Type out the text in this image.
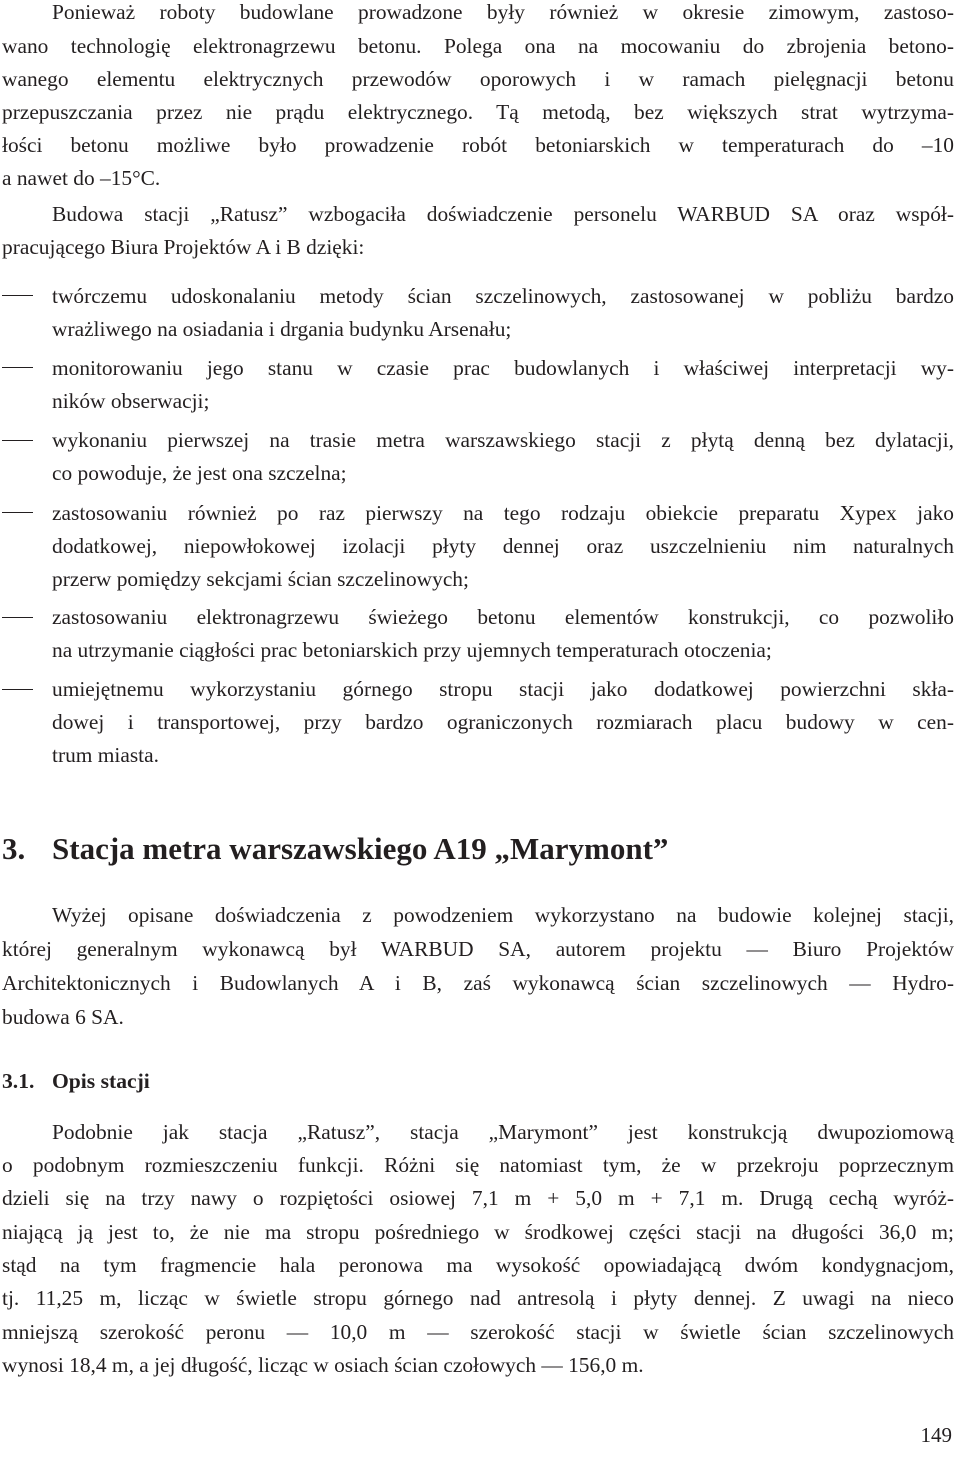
Ponieważ roboty budowlane prowadzone były również w okresie zimowym, zastoso-
wano technologię elektronagrzewu betonu. Polega ona na mocowaniu do zbrojenia betono-
wanego elementu elektrycznych przewodów oporowych i w ramach pielęgnacji betonu
przepuszczania przez nie prądu elektrycznego. Tą metodą, bez większych strat wytrzyma-
łości betonu możliwe było prowadzenie robót betoniarskich w temperaturach do –10
a nawet do –15°C.
Budowa stacji „Ratusz” wzbogaciła doświadczenie personelu WARBUD SA oraz współ-
pracującego Biura Projektów A i B dzięki:
twórczemu udoskonalaniu metody ścian szczelinowych, zastosowanej w pobliżu bardzo
wrażliwego na osiadania i drgania budynku Arsenału;
monitorowaniu jego stanu w czasie prac budowlanych i właściwej interpretacji wy-
ników obserwacji;
wykonaniu pierwszej na trasie metra warszawskiego stacji z płytą denną bez dylatacji,
co powoduje, że jest ona szczelna;
zastosowaniu również po raz pierwszy na tego rodzaju obiekcie preparatu Xypex jako
dodatkowej, niepowłokowej izolacji płyty dennej oraz uszczelnieniu nim naturalnych
przerw pomiędzy sekcjami ścian szczelinowych;
zastosowaniu elektronagrzewu świeżego betonu elementów konstrukcji, co pozwoliło
na utrzymanie ciągłości prac betoniarskich przy ujemnych temperaturach otoczenia;
umiejętnemu wykorzystaniu górnego stropu stacji jako dodatkowej powierzchni skła-
dowej i transportowej, przy bardzo ograniczonych rozmiarach placu budowy w cen-
trum miasta.
3. Stacja metra warszawskiego A19 „Marymont”
Wyżej opisane doświadczenia z powodzeniem wykorzystano na budowie kolejnej stacji,
której generalnym wykonawcą był WARBUD SA, autorem projektu — Biuro Projektów
Architektonicznych i Budowlanych A i B, zaś wykonawcą ścian szczelinowych — Hydro-
budowa 6 SA.
3.1. Opis stacji
Podobnie jak stacja „Ratusz”, stacja „Marymont” jest konstrukcją dwupoziomową
o podobnym rozmieszczeniu funkcji. Różni się natomiast tym, że w przekroju poprzecznym
dzieli się na trzy nawy o rozpiętości osiowej 7,1 m + 5,0 m + 7,1 m. Drugą cechą wyróż-
niającą ją jest to, że nie ma stropu pośredniego w środkowej części stacji na długości 36,0 m;
stąd na tym fragmencie hala peronowa ma wysokość opowiadającą dwóm kondygnacjom,
tj. 11,25 m, licząc w świetle stropu górnego nad antresolą i płyty dennej. Z uwagi na nieco
mniejszą szerokość peronu — 10,0 m — szerokość stacji w świetle ścian szczelinowych
wynosi 18,4 m, a jej długość, licząc w osiach ścian czołowych — 156,0 m.
149
